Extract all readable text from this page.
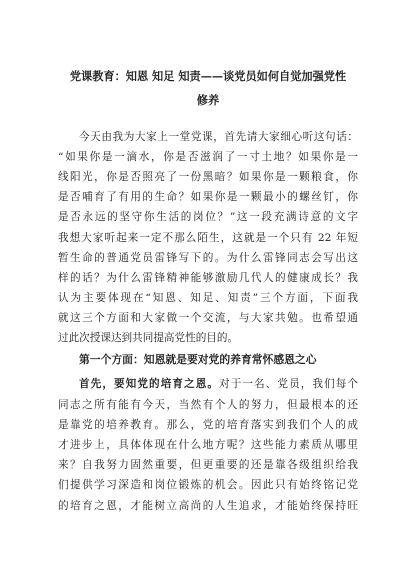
党课教育：知恩 知足 知责——谈党员如何自觉加强党性
修养
今天由我为大家上一堂党课，首先请大家细心听这句话：
“如果你是一滴水，你是否滋润了一寸土地？如果你是一
线阳光，你是否照亮了一份黑暗？如果你是一颗粮食，你
是否哺育了有用的生命？如果你是一颗最小的螺丝钉，你
是否永远的坚守你生活的岗位？”这一段充满诗意的文字
我想大家听起来一定不那么陌生，这就是一个只有 22 年短
暂生命的普通党员雷锋写下的。为什么雷锋同志会写出这
样的话？为什么雷锋精神能够激励几代人的健康成长？我
认为主要体现在“知恩、知足、知责”三个方面，下面我
就这三个方面和大家做一个交流，与大家共勉。也希望通
过此次授课达到共同提高党性的目的。
第一个方面：知恩就是要对党的养育常怀感恩之心
首先，要知党的培育之恩。对于一名、党员，我们每个
同志之所有能有今天，当然有个人的努力，但最根本的还
是靠党的培养教育。那么，党的培育落实到我们个人的成
才进步上，具体体现在什么地方呢？这些能力素质从哪里
来？自我努力固然重要，但更重要的还是靠各级组织给我
们提供学习深造和岗位锻炼的机会。因此只有始终铭记党
的培育之恩，才能树立高尚的人生追求，才能始终保持旺
